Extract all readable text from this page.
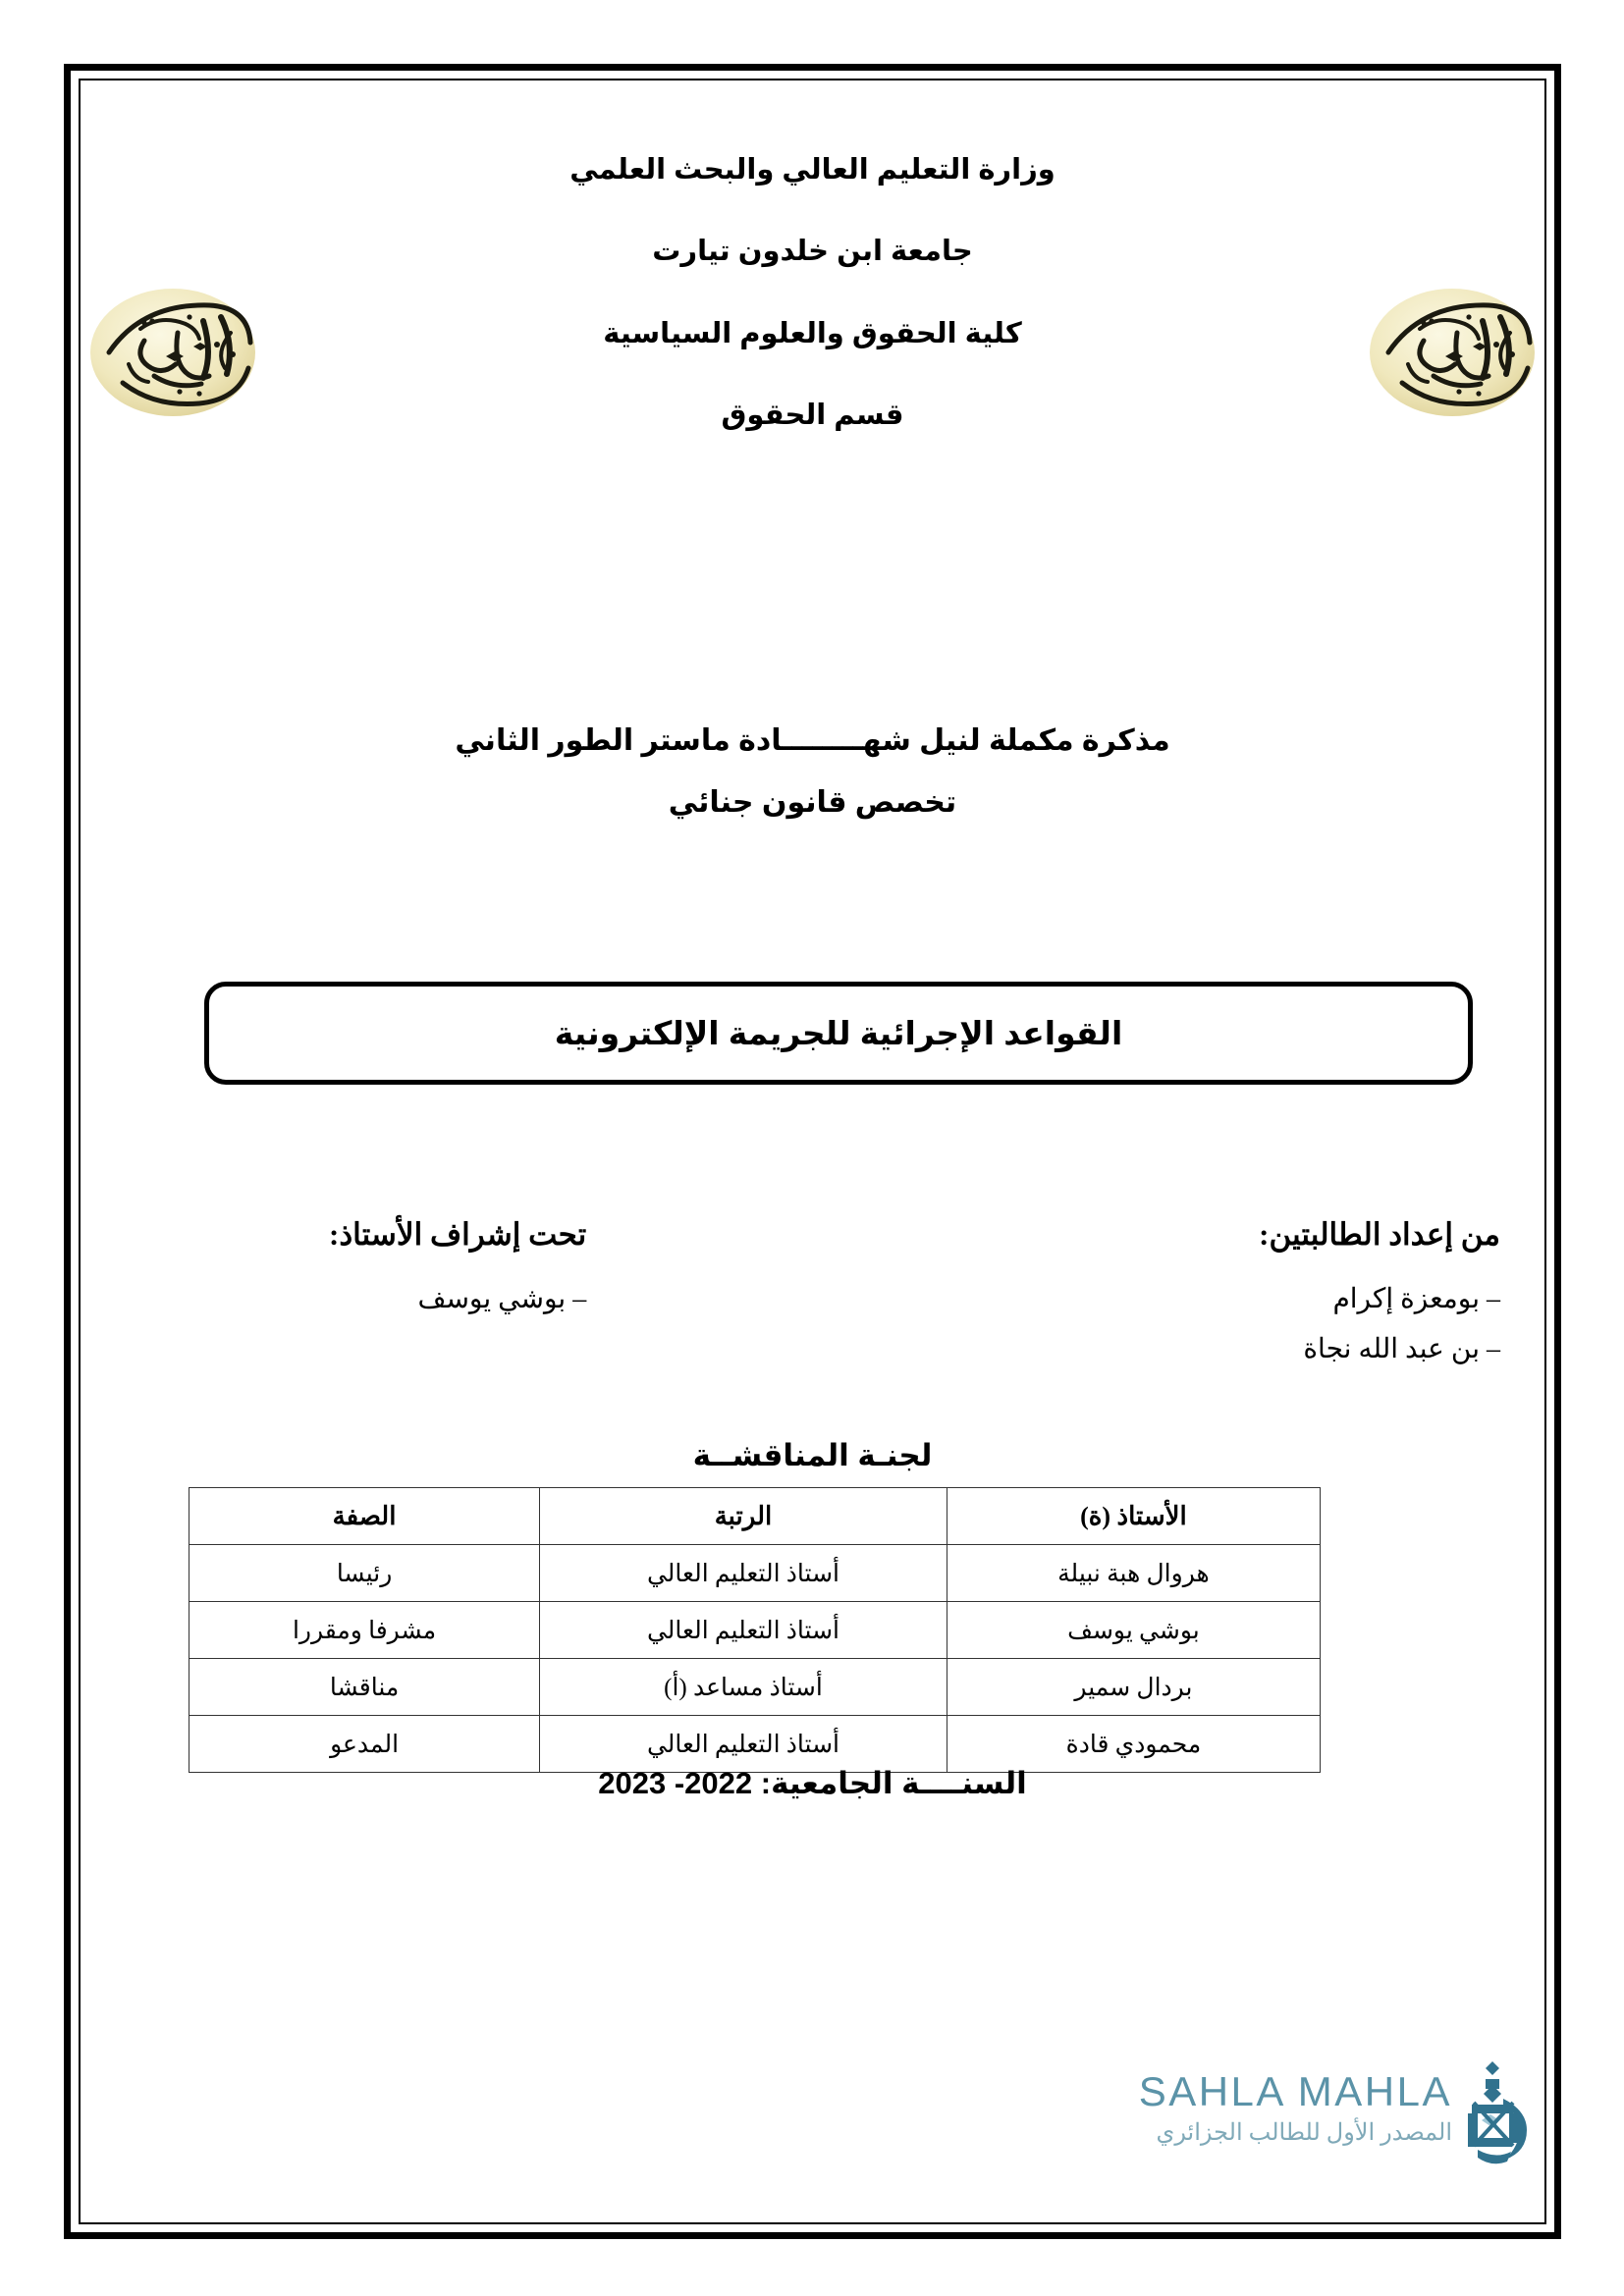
وزارة التعليم العالي والبحث العلمي

جامعة ابن خلدون تيارت

كلية الحقوق والعلوم السياسية

قسم الحقوق

مذكرة مكملة لنيل شهــــــــادة ماستر الطور الثاني

تخصص قانون جنائي

القواعد الإجرائية للجريمة الإلكترونية

من إعداد الطالبتين:

– بومعزة إكرام

– بن عبد الله نجاة

تحت إشراف الأستاذ:

– بوشي يوسف

لجنـة المناقشــة
الأستاذ (ة)	الرتبة	الصفة
هروال هبة نبيلة	أستاذ التعليم العالي	رئيسا
بوشي يوسف	أستاذ التعليم العالي	مشرفا ومقررا
بردال سمير	أستاذ مساعد (أ)	مناقشا
محمودي قادة	أستاذ التعليم العالي	المدعو
السنــــة الجامعية: 2022- 2023
SAHLA MAHLA
المصدر الأول للطالب الجزائري
